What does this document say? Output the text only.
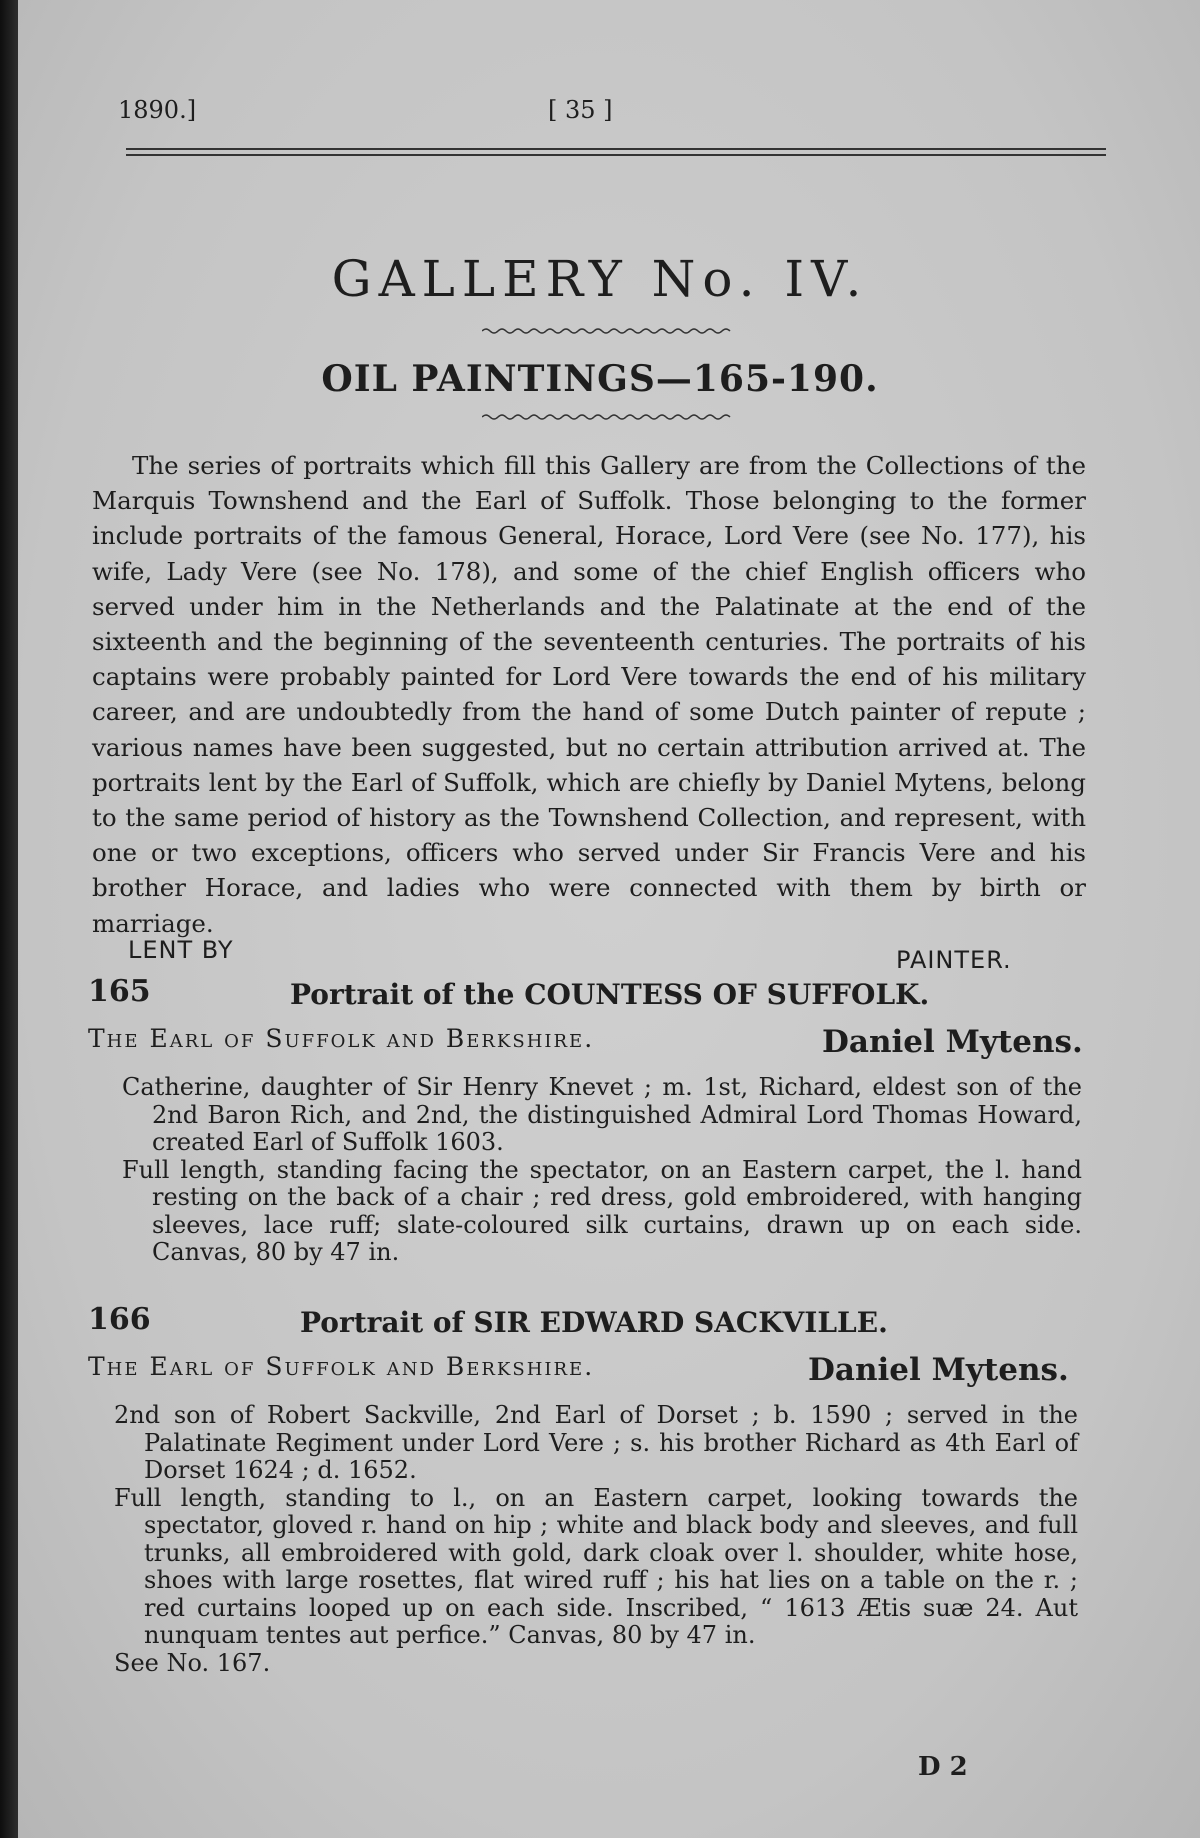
1890.]	[ 35 ]
GALLERY No. IV.
OIL PAINTINGS—165-190.

The series of portraits which fill this Gallery are from the Collections of the Marquis Townshend and the Earl of Suffolk. Those belonging to the former include portraits of the famous General, Horace, Lord Vere (see No. 177), his wife, Lady Vere (see No. 178), and some of the chief English officers who served under him in the Netherlands and the Palatinate at the end of the sixteenth and the beginning of the seventeenth centuries. The portraits of his captains were probably painted for Lord Vere towards the end of his military career, and are undoubtedly from the hand of some Dutch painter of repute ; various names have been suggested, but no certain attribution arrived at. The portraits lent by the Earl of Suffolk, which are chiefly by Daniel Mytens, belong to the same period of history as the Townshend Collection, and represent, with one or two exceptions, officers who served under Sir Francis Vere and his brother Horace, and ladies who were connected with them by birth or marriage.

LENT BY	PAINTER.
165	Portrait of the COUNTESS OF SUFFOLK.
The Earl of Suffolk and Berkshire.	Daniel Mytens.

Catherine, daughter of Sir Henry Knevet ; m. 1st, Richard, eldest son of the 2nd Baron Rich, and 2nd, the distinguished Admiral Lord Thomas Howard, created Earl of Suffolk 1603.

Full length, standing facing the spectator, on an Eastern carpet, the l. hand resting on the back of a chair ; red dress, gold embroidered, with hanging sleeves, lace ruff; slate-coloured silk curtains, drawn up on each side. Canvas, 80 by 47 in.

166	Portrait of SIR EDWARD SACKVILLE.
The Earl of Suffolk and Berkshire.	Daniel Mytens.

2nd son of Robert Sackville, 2nd Earl of Dorset ; b. 1590 ; served in the Palatinate Regiment under Lord Vere ; s. his brother Richard as 4th Earl of Dorset 1624 ; d. 1652.

Full length, standing to l., on an Eastern carpet, looking towards the spectator, gloved r. hand on hip ; white and black body and sleeves, and full trunks, all embroidered with gold, dark cloak over l. shoulder, white hose, shoes with large rosettes, flat wired ruff ; his hat lies on a table on the r. ; red curtains looped up on each side. Inscribed, “ 1613 Ætis suæ 24. Aut nunquam tentes aut perfice.” Canvas, 80 by 47 in.

See No. 167.

D 2
